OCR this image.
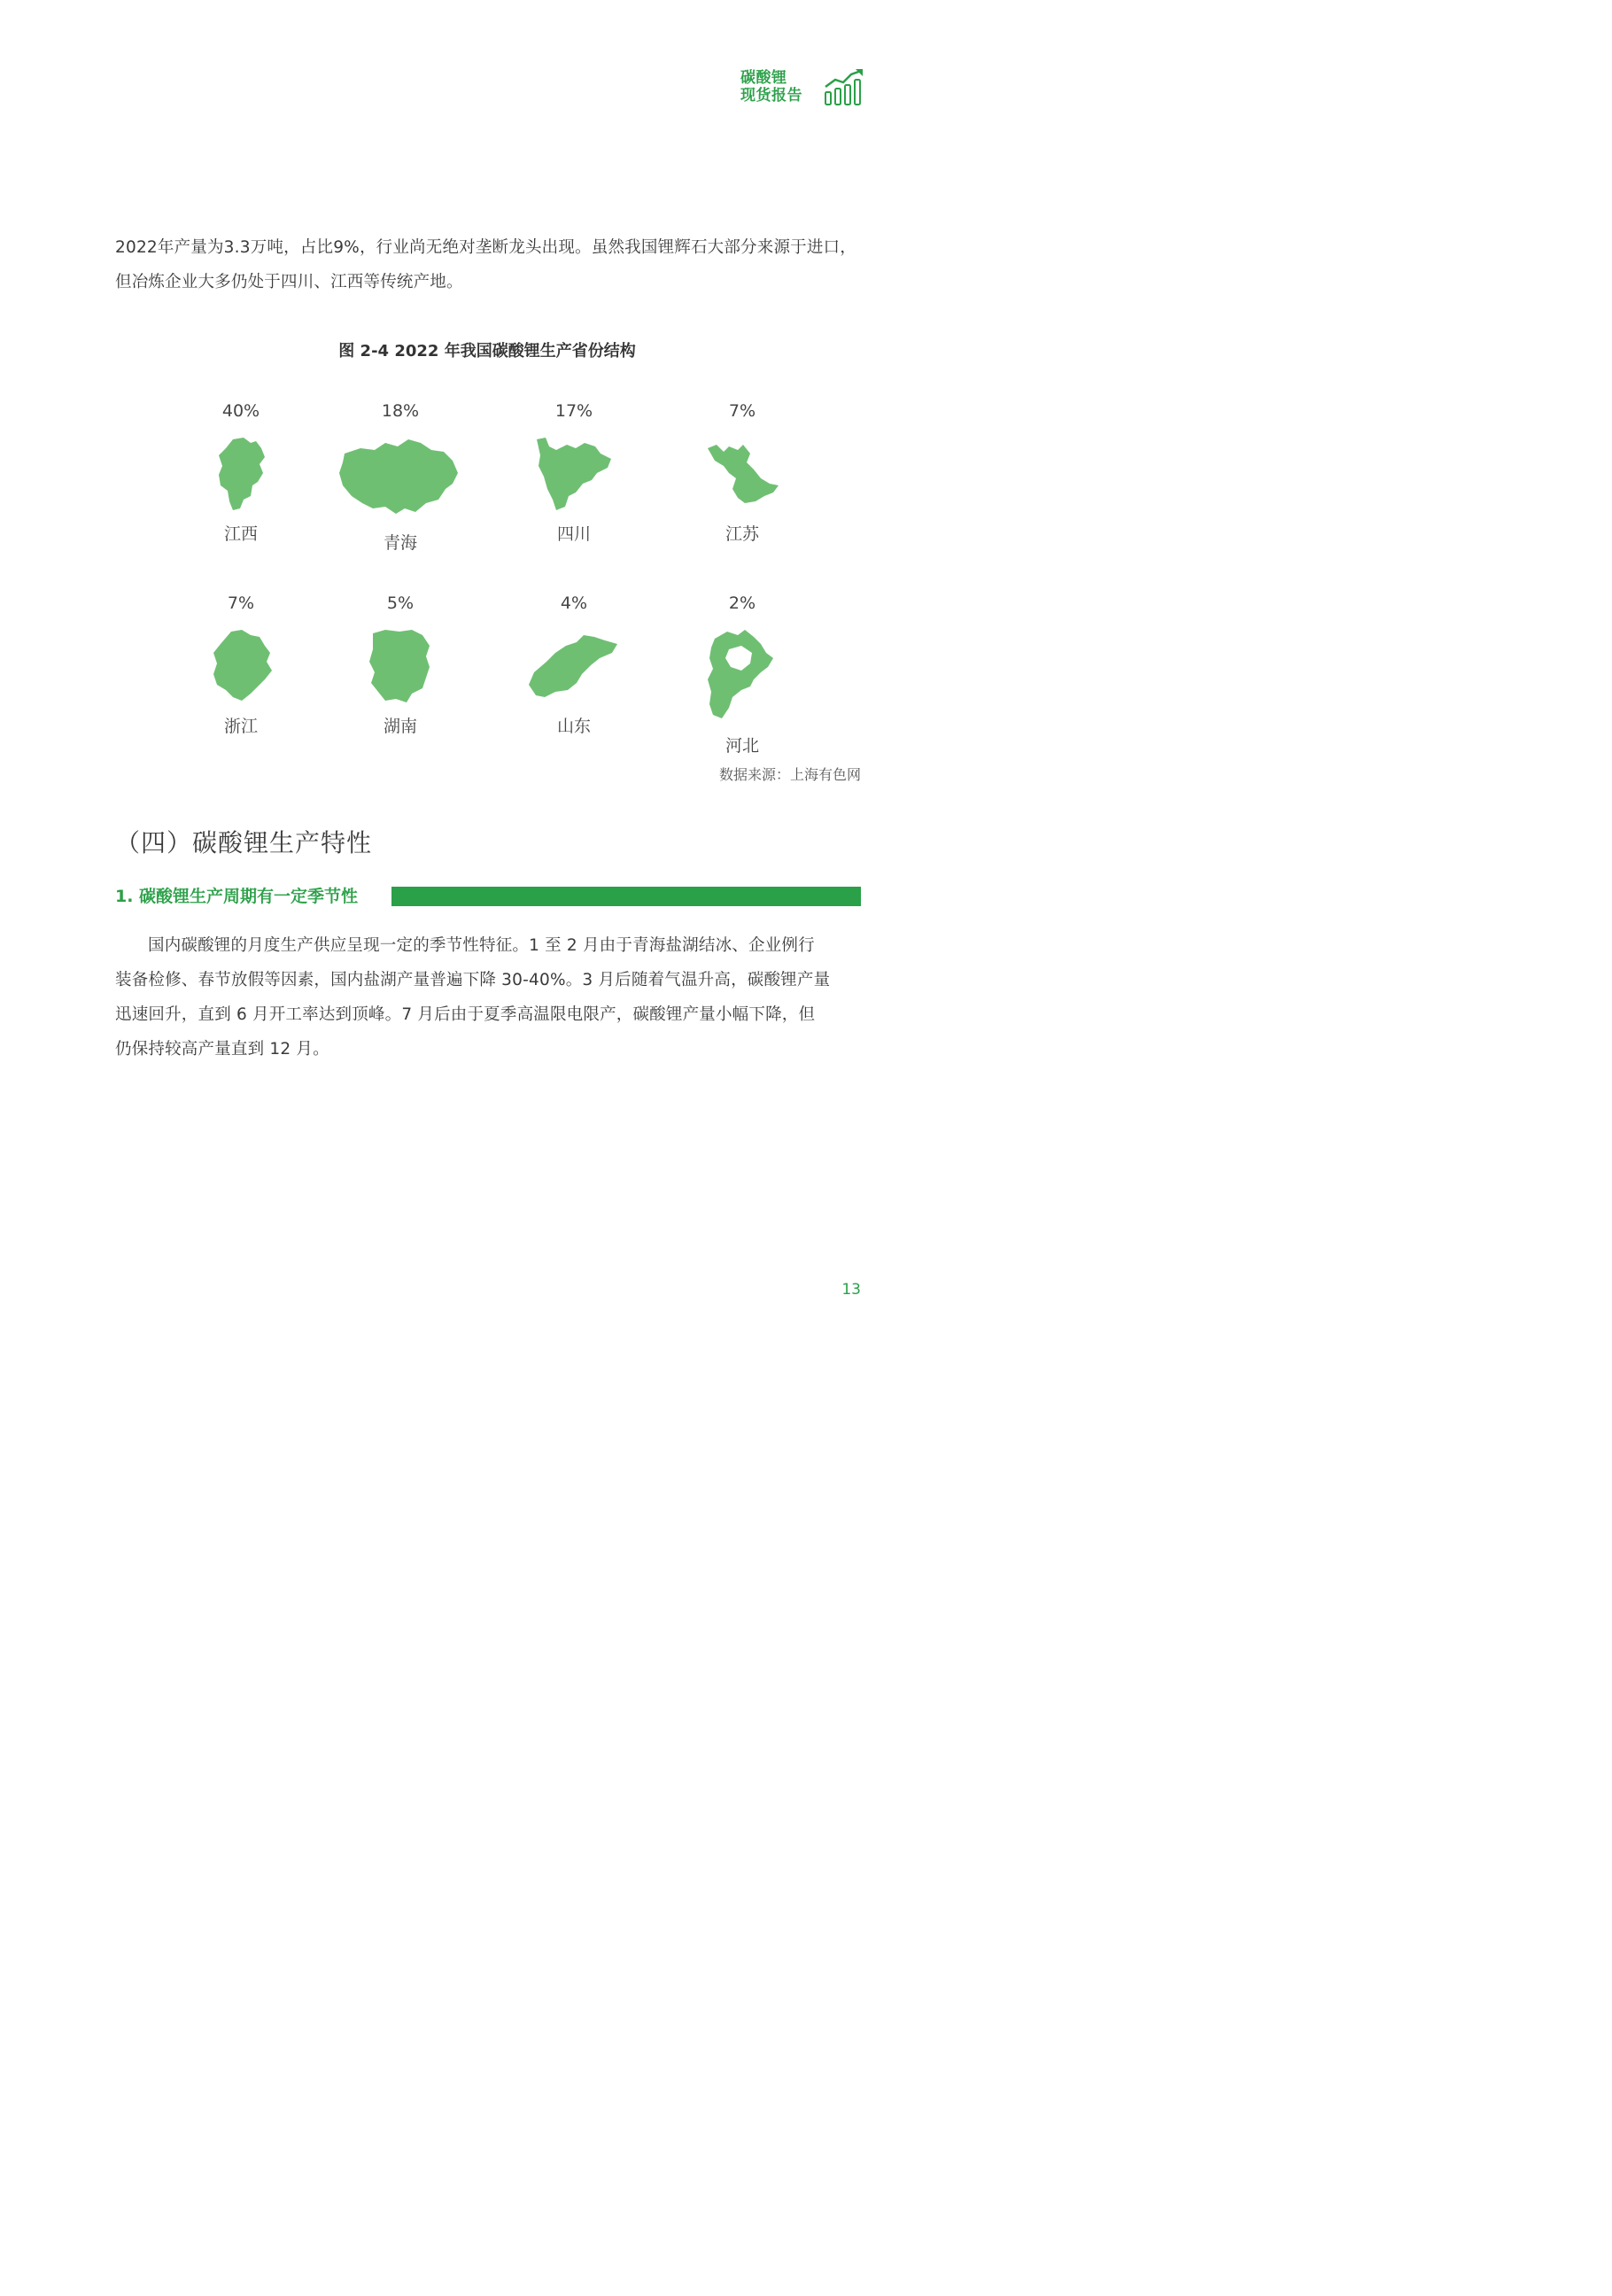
碳酸锂
现货报告
2022年产量为3.3万吨，占比9%，行业尚无绝对垄断龙头出现。虽然我国锂辉石大部分来源于进口，
但冶炼企业大多仍处于四川、江西等传统产地。
图 2-4 2022 年我国碳酸锂生产省份结构
40%
江西
18%
青海
17%
四川
7%
江苏
7%
浙江
5%
湖南
4%
山东
2%
河北
数据来源：上海有色网
（四）碳酸锂生产特性
1. 碳酸锂生产周期有一定季节性
国内碳酸锂的月度生产供应呈现一定的季节性特征。1 至 2 月由于青海盐湖结冰、企业例行
装备检修、春节放假等因素，国内盐湖产量普遍下降 30-40%。3 月后随着气温升高，碳酸锂产量
迅速回升，直到 6 月开工率达到顶峰。7 月后由于夏季高温限电限产，碳酸锂产量小幅下降，但
仍保持较高产量直到 12 月。
13
